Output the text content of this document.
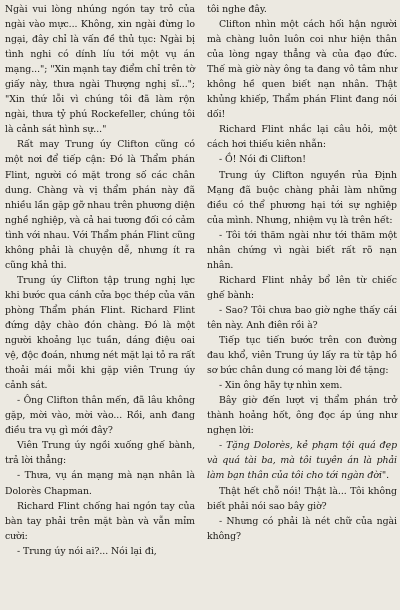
Ngài vui lòng nhúng ngón tay trỏ của ngài vào mực... Không, xin ngài đừng lo ngại, đây chỉ là vấn đề thủ tục: Ngài bị tình nghi có dính líu tới một vụ án mạng..."; "Xin mạnh tay điểm chỉ trên tờ giấy này, thưa ngài Thượng nghị sĩ..."; "Xin thứ lỗi vì chúng tôi đã làm rộn ngài, thưa tỷ phú Rockefeller, chúng tôi là cảnh sát hình sự..."

Rất may Trung úy Clifton cũng có một nơi để tiếp cận: Đó là Thẩm phán Flint, người có mặt trong số các chân dung. Chàng và vị thẩm phán này đã nhiều lần gặp gỡ nhau trên phương diện nghề nghiệp, và cả hai tương đối có cảm tình với nhau. Với Thẩm phán Flint cũng không phải là chuyện dễ, nhưng ít ra cũng khả thi.

Trung úy Clifton tập trung nghị lực khi bước qua cánh cửa bọc thép của văn phòng Thẩm phán Flint. Richard Flint đứng dậy chào đón chàng. Đó là một người khoảng lục tuần, dáng điệu oai vệ, độc đoán, nhưng nét mặt lại tỏ ra rất thoải mái mỗi khi gặp viên Trung úy cảnh sát.

- Ông Clifton thân mến, đã lâu không gặp, mời vào, mời vào... Rồi, anh đang điều tra vụ gì mới đây?

Viên Trung úy ngồi xuống ghế bành, trả lời thẳng:

- Thưa, vụ án mạng mà nạn nhân là Dolorès Chapman.

Richard Flint chống hai ngón tay của bàn tay phải trên mặt bàn và vẫn mỉm cười:

- Trung úy nói ai?... Nói lại đi,

tôi nghe đây.

Clifton nhìn một cách hối hận người mà chàng luôn luôn coi như hiện thân của lòng ngay thẳng và của đạo đức. Thế mà giờ này ông ta đang vô tâm như không hề quen biết nạn nhân. Thật khủng khiếp, Thẩm phán Flint đang nói dối!

Richard Flint nhắc lại câu hỏi, một cách hơi thiếu kiên nhẫn:

- Ồ! Nói đi Clifton!

Trung úy Clifton nguyền rủa Định Mạng đã buộc chàng phải làm những điều có thể phương hại tới sự nghiệp của mình. Nhưng, nhiệm vụ là trên hết:

- Tôi tới thăm ngài như tới thăm một nhân chứng vì ngài biết rất rõ nạn nhân.

Richard Flint nhảy bổ lên từ chiếc ghế bành:

- Sao? Tôi chưa bao giờ nghe thấy cái tên này. Anh điên rồi à?

Tiếp tục tiến bước trên con đường đau khổ, viên Trung úy lấy ra từ tập hồ sơ bức chân dung có mang lời đề tặng:

- Xin ông hãy tự nhìn xem.

Bây giờ đến lượt vị thẩm phán trở thành hoảng hốt, ông đọc áp úng như nghẹn lời:

- Tặng Dolorès, kẻ phạm tội quá đẹp và quá tài ba, mà tôi tuyên án là phải làm bạn thân của tôi cho tới ngàn đời".

Thật hết chỗ nói! Thật là... Tôi không biết phải nói sao bây giờ?

- Nhưng có phải là nét chữ của ngài không?
